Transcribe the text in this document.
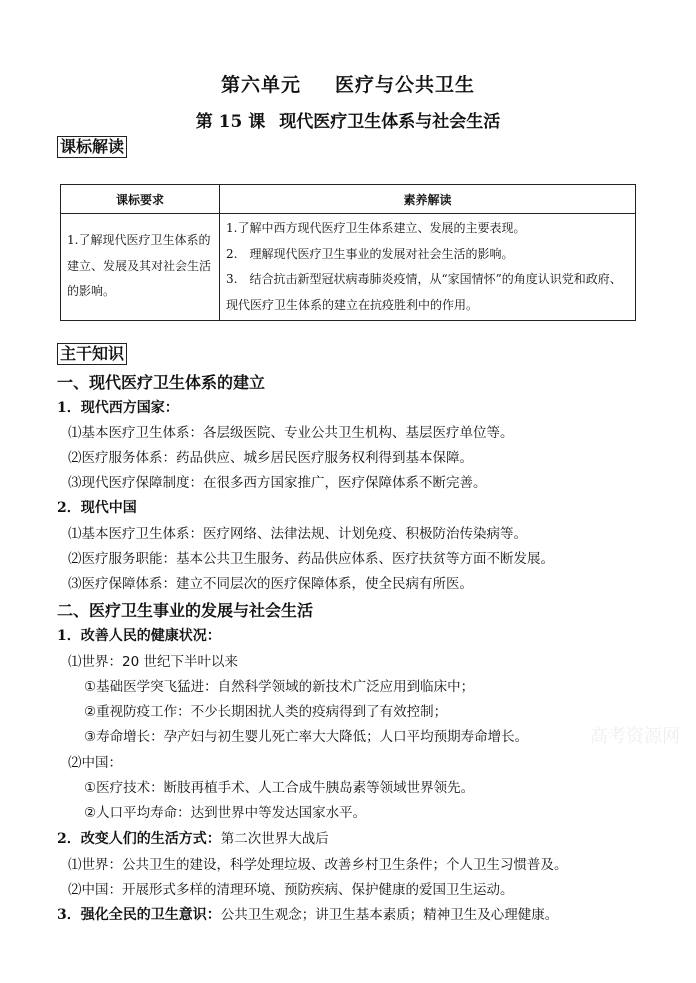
第六单元 医疗与公共卫生
第 15 课 现代医疗卫生体系与社会生活
课标解读
课标要求	素养解读
1.了解现代医疗卫生体系的建立、发展及其对社会生活的影响。	1.了解中西方现代医疗卫生体系建立、发展的主要表现。
2.　理解现代医疗卫生事业的发展对社会生活的影响。
3.　结合抗击新型冠状病毒肺炎疫情，从“家国情怀”的角度认识党和政府、现代医疗卫生体系的建立在抗疫胜利中的作用。
主干知识
一、现代医疗卫生体系的建立
1．现代西方国家：
⑴基本医疗卫生体系：各层级医院、专业公共卫生机构、基层医疗单位等。
⑵医疗服务体系：药品供应、城乡居民医疗服务权利得到基本保障。
⑶现代医疗保障制度：在很多西方国家推广，医疗保障体系不断完善。
2．现代中国
⑴基本医疗卫生体系：医疗网络、法律法规、计划免疫、积极防治传染病等。
⑵医疗服务职能：基本公共卫生服务、药品供应体系、医疗扶贫等方面不断发展。
⑶医疗保障体系：建立不同层次的医疗保障体系，使全民病有所医。
二、医疗卫生事业的发展与社会生活
1．改善人民的健康状况：
⑴世界：20 世纪下半叶以来
①基础医学突飞猛进：自然科学领域的新技术广泛应用到临床中；
②重视防疫工作：不少长期困扰人类的疫病得到了有效控制；
③寿命增长：孕产妇与初生婴儿死亡率大大降低；人口平均预期寿命增长。
⑵中国：
①医疗技术：断肢再植手术、人工合成牛胰岛素等领域世界领先。
②人口平均寿命：达到世界中等发达国家水平。
2．改变人们的生活方式：第二次世界大战后
⑴世界：公共卫生的建设，科学处理垃圾、改善乡村卫生条件；个人卫生习惯普及。
⑵中国：开展形式多样的清理环境、预防疾病、保护健康的爱国卫生运动。
3．强化全民的卫生意识：公共卫生观念；讲卫生基本素质；精神卫生及心理健康。
高考资源网
